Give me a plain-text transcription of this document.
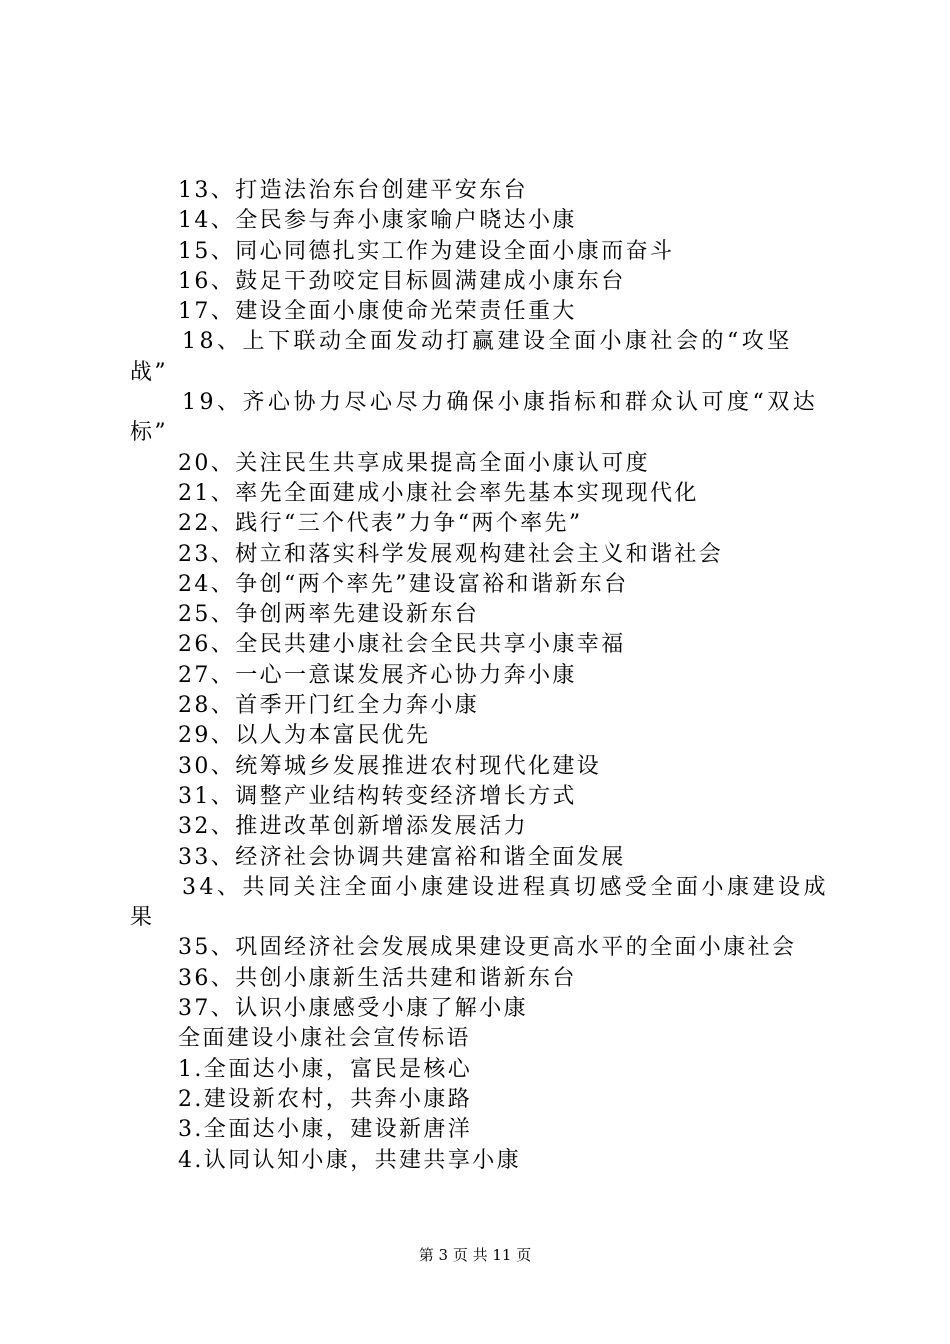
13、打造法治东台创建平安东台
14、全民参与奔小康家喻户晓达小康
15、同心同德扎实工作为建设全面小康而奋斗
16、鼓足干劲咬定目标圆满建成小康东台
17、建设全面小康使命光荣责任重大
18、上下联动全面发动打赢建设全面小康社会的“攻坚
战”
19、齐心协力尽心尽力确保小康指标和群众认可度“双达
标”
20、关注民生共享成果提高全面小康认可度
21、率先全面建成小康社会率先基本实现现代化
22、践行“三个代表”力争“两个率先”
23、树立和落实科学发展观构建社会主义和谐社会
24、争创“两个率先”建设富裕和谐新东台
25、争创两率先建设新东台
26、全民共建小康社会全民共享小康幸福
27、一心一意谋发展齐心协力奔小康
28、首季开门红全力奔小康
29、以人为本富民优先
30、统筹城乡发展推进农村现代化建设
31、调整产业结构转变经济增长方式
32、推进改革创新增添发展活力
33、经济社会协调共建富裕和谐全面发展
34、共同关注全面小康建设进程真切感受全面小康建设成
果
35、巩固经济社会发展成果建设更高水平的全面小康社会
36、共创小康新生活共建和谐新东台
37、认识小康感受小康了解小康
全面建设小康社会宣传标语
1.全面达小康，富民是核心
2.建设新农村，共奔小康路
3.全面达小康，建设新唐洋
4.认同认知小康，共建共享小康
第 3 页 共 11 页
